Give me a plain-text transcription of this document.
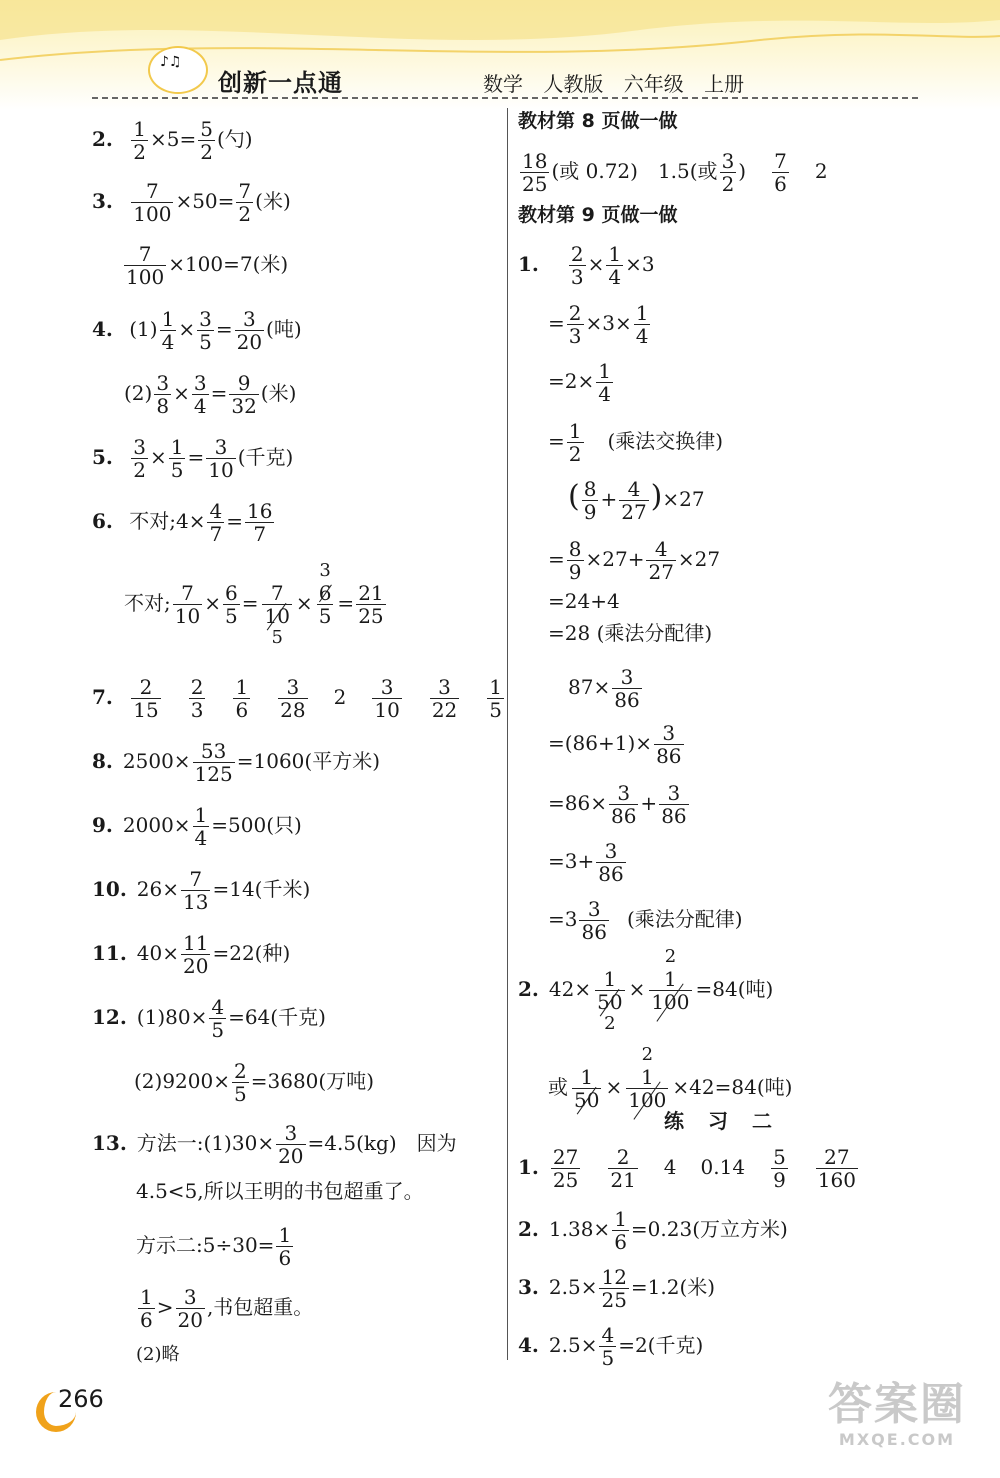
♪♫
创新一点通	数学 人教版 六年级 上册
2. $\frac{1}{2} \times 5= \frac{5}{2}$ (勺)
3. $\frac{7}{100} \times 50= \frac{7}{2}$ (米)
$\frac{7}{100} \times 100=7$(米)
4. $(1) \frac{1}{4} \times \frac{3}{5} = \frac{3}{20}$ (吨)
$(2) \frac{3}{8} \times \frac{3}{4} = \frac{9}{32}$ (米)
5. $\frac{3}{2} \times \frac{1}{5} = \frac{3}{10}$ (千克)
6. 不对;4× $\frac{4}{7} = \frac{16}{7}$
不对; $\frac{7}{10} \times \frac{6}{5} = \frac{7}{10}$
5
×
3
$\frac{6}{5} = \frac{21}{25}$
7. $\frac{2}{15} \frac{2}{3} \frac{1}{6} \frac{3}{28} 2 \frac{3}{10} \frac{3}{22} \frac{1}{5}$
8. $2500\times \frac{53}{125} =1060$(平方米)
9. $2000\times \frac{1}{4} =500$(只)
10. $26\times \frac{7}{13} =14$(千米)
11. $40\times \frac{11}{20} =22$(种)
12. $(1)80\times \frac{4}{5} =64$(千克)
$(2)9200\times \frac{2}{5} =3680$(万吨)
13. 方法一:(1)30× $\frac{3}{20} =4.5(kg)$　因为
4.5<5,所以王明的书包超重了。
方示二:5÷30= $\frac{1}{6}$
$\frac{1}{6} > \frac{3}{20}$ ,书包超重。
(2)略
教材第 8 页做一做
$\frac{18}{25}$ (或 0.72)　1.5(或 $\frac{3}{2}$ ) $\frac{7}{6} 2$
教材第 9 页做一做
1. $\frac{2}{3} \times \frac{1}{4} \times 3$
= $\frac{2}{3} \times 3\times \frac{1}{4}$
$=2\times \frac{1}{4}$
= $\frac{1}{2}$ (乘法交换律)
( $\frac{8}{9} + \frac{4}{27} )\times 27$
= $\frac{8}{9} \times 27+ \frac{4}{27} \times 27$
=24+4
=28 (乘法分配律)
$87\times \frac{3}{86}$
$=(86+1)\times \frac{3}{86}$
$=86\times \frac{3}{86} + \frac{3}{86}$
$=3+ \frac{3}{86}$
$=3 \frac{3}{86}$ (乘法分配律)
2. $42\times \frac{1}{50}$
2
×
2
$\frac{1}{100} =84$(吨)
或 $\frac{1}{50}$ ×
2
$\frac{1}{100} \times 42=84$(吨)
练习二
1. $\frac{27}{25} \frac{2}{21} 4$ $0.14 \frac{5}{9} \frac{27}{160}$
2. $1.38\times \frac{1}{6} =0.23$(万立方米)
3. $2.5\times \frac{12}{25} =1.2$(米)
4. $2.5\times \frac{4}{5} =2$(千克)
266	答案圈
MXQE.COM
